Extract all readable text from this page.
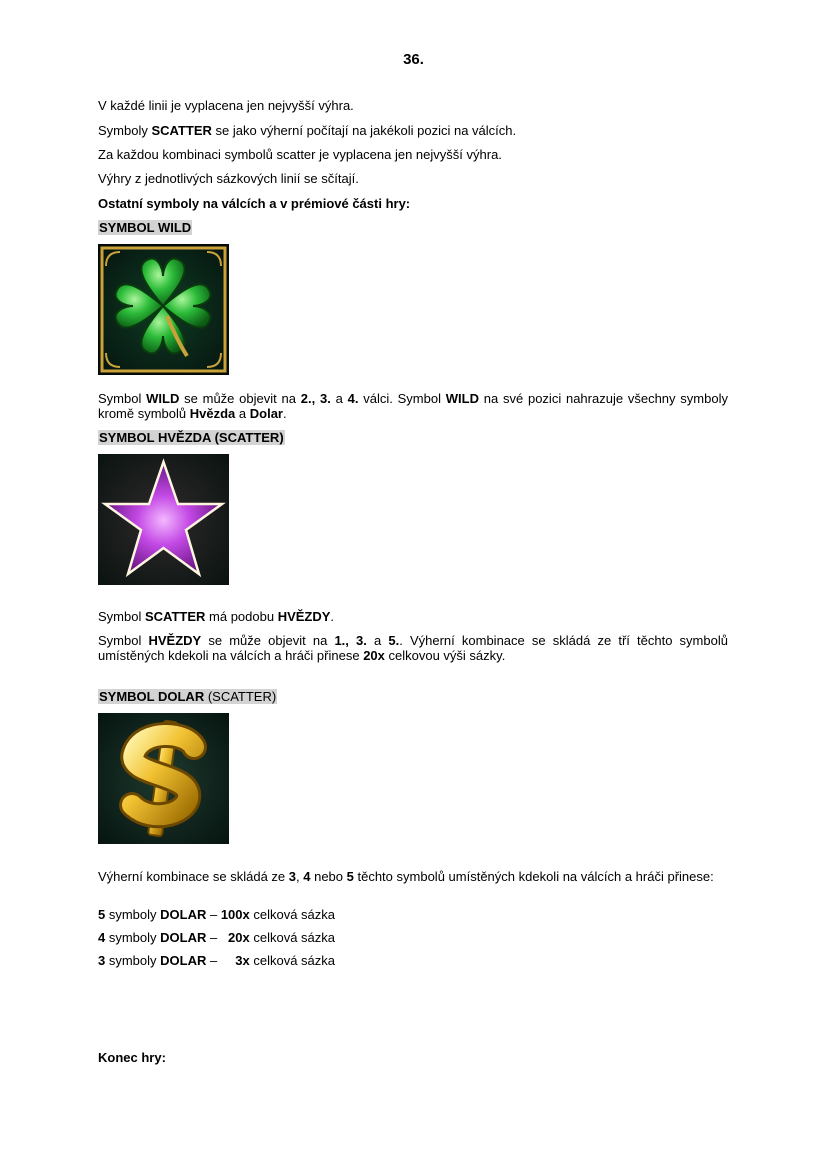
36.
V každé linii je vyplacena jen nejvyšší výhra.
Symboly SCATTER se jako výherní počítají na jakékoli pozici na válcích.
Za každou kombinaci symbolů scatter je vyplacena jen nejvyšší výhra.
Výhry z jednotlivých sázkových linií se sčítají.
Ostatní symboly na válcích a v prémiové části hry:
SYMBOL WILD
Symbol WILD se může objevit na 2., 3. a 4. válci. Symbol WILD na své pozici nahrazuje všechny symboly kromě symbolů Hvězda a Dolar.
SYMBOL HVĚZDA (SCATTER)
Symbol SCATTER má podobu HVĚZDY.
Symbol HVĚZDY se může objevit na 1., 3. a 5.. Výherní kombinace se skládá ze tří těchto symbolů umístěných kdekoli na válcích a hráči přinese 20x celkovou výši sázky.
SYMBOL DOLAR (SCATTER)
Výherní kombinace se skládá ze 3, 4 nebo 5 těchto symbolů umístěných kdekoli na válcích a hráči přinese:
5 symboly DOLAR – 100x celková sázka
4 symboly DOLAR –   20x celková sázka
3 symboly DOLAR –     3x celková sázka
Konec hry:
